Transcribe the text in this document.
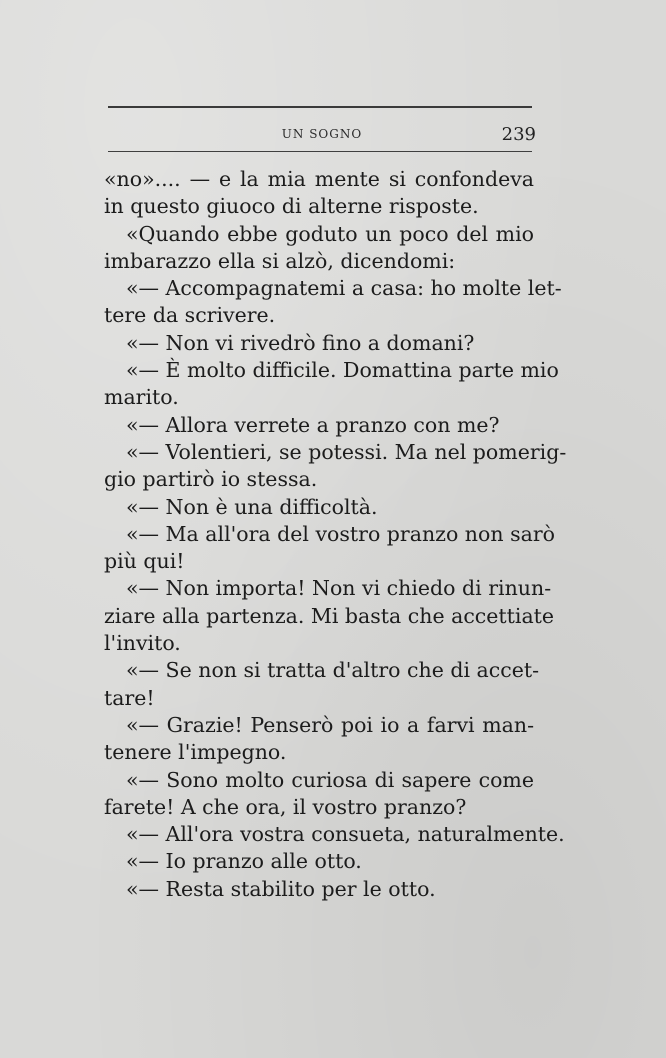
UN SOGNO	239
«no».... — e la mia mente si confondeva
in questo giuoco di alterne risposte.
«Quando ebbe goduto un poco del mio
imbarazzo ella si alzò, dicendomi:
«— Accompagnatemi a casa: ho molte let-
tere da scrivere.
«— Non vi rivedrò fino a domani?
«— È molto difficile. Domattina parte mio
marito.
«— Allora verrete a pranzo con me?
«— Volentieri, se potessi. Ma nel pomerig-
gio partirò io stessa.
«— Non è una difficoltà.
«— Ma all'ora del vostro pranzo non sarò
più qui!
«— Non importa! Non vi chiedo di rinun-
ziare alla partenza. Mi basta che accettiate
l'invito.
«— Se non si tratta d'altro che di accet-
tare!
«— Grazie! Penserò poi io a farvi man-
tenere l'impegno.
«— Sono molto curiosa di sapere come
farete! A che ora, il vostro pranzo?
«— All'ora vostra consueta, naturalmente.
«— Io pranzo alle otto.
«— Resta stabilito per le otto.
